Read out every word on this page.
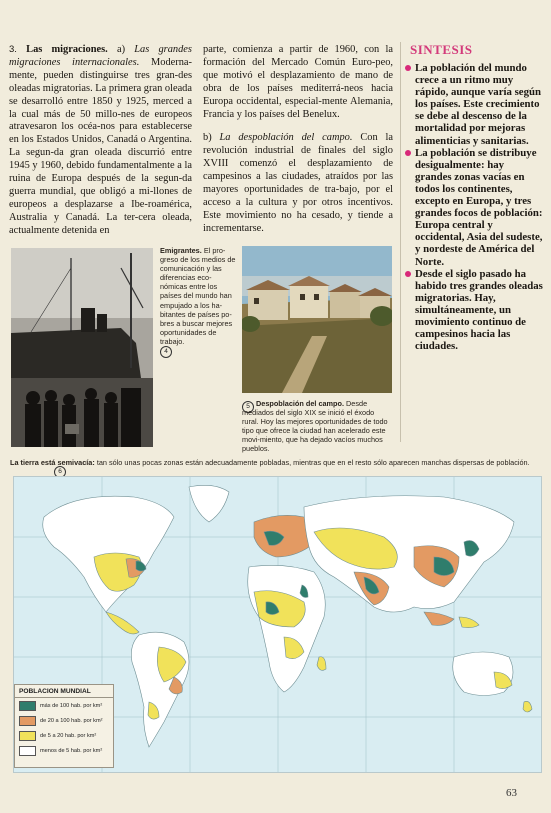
3. Las migraciones. a) Las grandes migraciones internacionales. Moderna-mente, pueden distinguirse tres gran-des oleadas migratorias. La primera gran oleada se desarrolló entre 1850 y 1925, merced a la cual más de 50 millo-nes de europeos atravesaron los océa-nos para establecerse en los Estados Unidos, Canadá o Argentina. La segun-da gran oleada discurrió entre 1945 y 1960, debido fundamentalmente a la ruina de Europa después de la segun-da guerra mundial, que obligó a mi-llones de europeos a desplazarse a Ibe-roamérica, Australia y Canadá. La ter-cera oleada, actualmente detenida en

parte, comienza a partir de 1960, con la formación del Mercado Común Euro-peo, que motivó el desplazamiento de mano de obra de los países mediterrá-neos hacia Europa occidental, especial-mente Alemania, Francia y los países del Benelux.

b) La despoblación del campo. Con la revolución industrial de finales del siglo XVIII comenzó el desplazamiento de campesinos a las ciudades, atraídos por las mayores oportunidades de tra-bajo, por el acceso a la cultura y por otros incentivos. Este movimiento no ha cesado, y tiende a incrementarse.

SINTESIS
La población del mundo crece a un ritmo muy rápido, aunque varía según los países. Este crecimiento se debe al descenso de la mortalidad por mejoras alimenticias y sanitarias.
La población se distribuye desigualmente: hay grandes zonas vacías en todos los continentes, excepto en Europa, y tres grandes focos de población: Europa central y occidental, Asia del sudeste, y nordeste de América del Norte.
Desde el siglo pasado ha habido tres grandes oleadas migratorias. Hay, simultáneamente, un movimiento continuo de campesinos hacia las ciudades.
Emigrantes. El pro-greso de los medios de comunicación y las diferencias eco-nómicas entre los países del mundo han empujado a los ha-bitantes de países po-bres a buscar mejores oportunidades de trabajo.
4
5 Despoblación del campo. Desde mediados del siglo XIX se inició el éxodo rural. Hoy las mejores oportunidades de todo tipo que ofrece la ciudad han acelerado este movi-miento, que ha dejado vacíos muchos pueblos.
La tierra está semivacía: tan sólo unas pocas zonas están adecuadamente pobladas, mientras que en el resto sólo aparecen manchas dispersas de población.
6
POBLACION MUNDIAL
más de 100 hab. por km²
de 20 a 100 hab. por km²
de 5 a 20 hab. por km²
menos de 5 hab. por km²
63
